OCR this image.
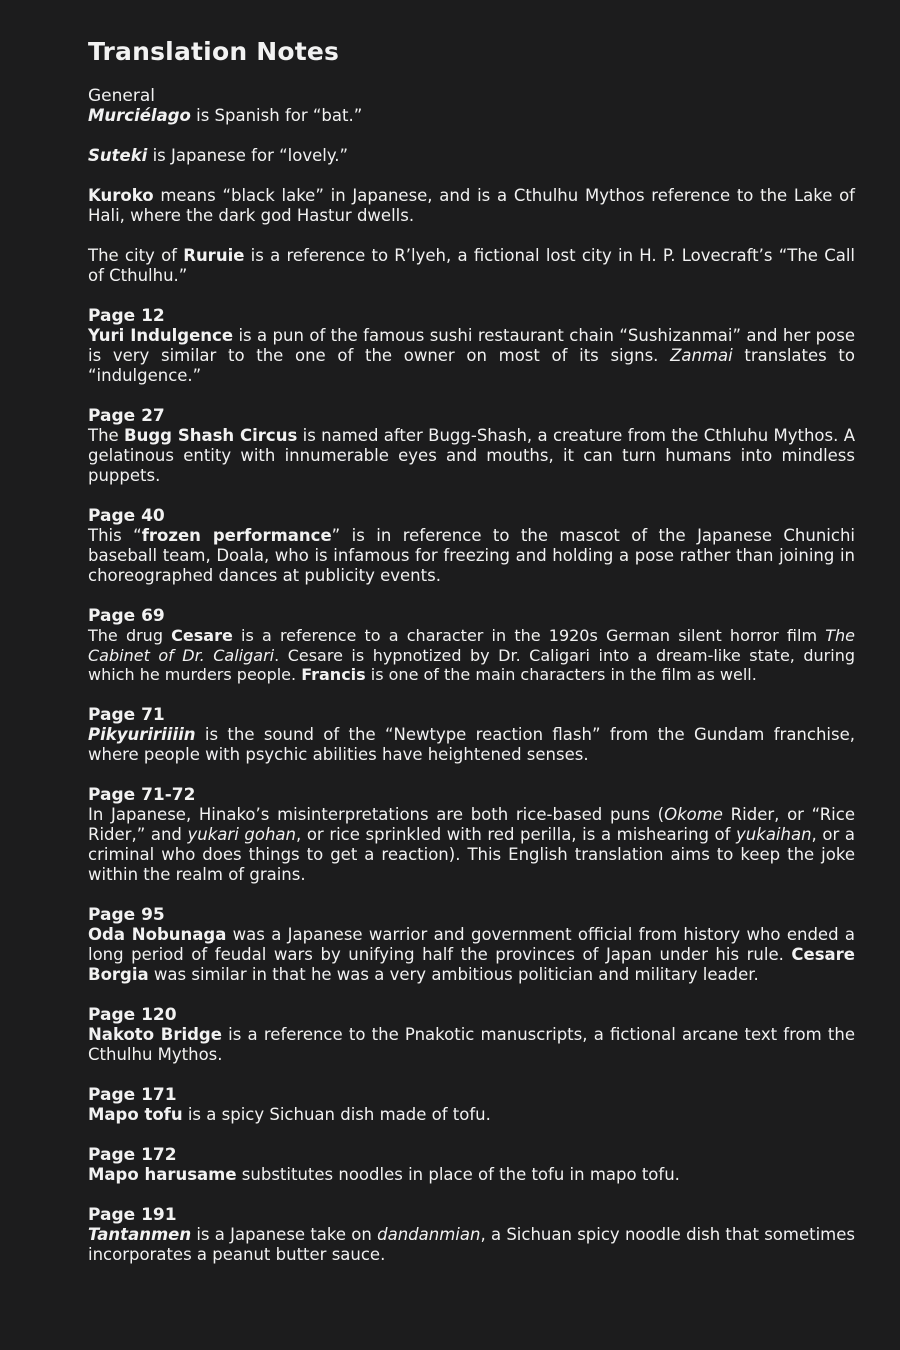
Translation Notes
General

Murciélago is Spanish for “bat.”

Suteki is Japanese for “lovely.”

Kuroko means “black lake” in Japanese, and is a Cthulhu Mythos reference to the Lake of Hali, where the dark god Hastur dwells.

The city of Ruruie is a reference to R’lyeh, a fictional lost city in H. P. Lovecraft’s “The Call of Cthulhu.”

Page 12

Yuri Indulgence is a pun of the famous sushi restaurant chain “Sushizanmai” and her pose is very similar to the one of the owner on most of its signs. Zanmai translates to “indulgence.”

Page 27

The Bugg Shash Circus is named after Bugg-Shash, a creature from the Cthluhu Mythos. A gelatinous entity with innumerable eyes and mouths, it can turn humans into mindless puppets.

Page 40

This “frozen performance” is in reference to the mascot of the Japanese Chunichi baseball team, Doala, who is infamous for freezing and holding a pose rather than joining in choreographed dances at publicity events.

Page 69

The drug Cesare is a reference to a character in the 1920s German silent horror film The Cabinet of Dr. Caligari. Cesare is hypnotized by Dr. Caligari into a dream-like state, during which he murders people. Francis is one of the main characters in the film as well.

Page 71

Pikyuririiiin is the sound of the “Newtype reaction flash” from the Gundam franchise, where people with psychic abilities have heightened senses.

Page 71-72

In Japanese, Hinako’s misinterpretations are both rice-based puns (Okome Rider, or “Rice Rider,” and yukari gohan, or rice sprinkled with red perilla, is a mishearing of yukaihan, or a criminal who does things to get a reaction). This English translation aims to keep the joke within the realm of grains.

Page 95

Oda Nobunaga was a Japanese warrior and government official from history who ended a long period of feudal wars by unifying half the provinces of Japan under his rule. Cesare Borgia was similar in that he was a very ambitious politician and military leader.

Page 120

Nakoto Bridge is a reference to the Pnakotic manuscripts, a fictional arcane text from the Cthulhu Mythos.

Page 171

Mapo tofu is a spicy Sichuan dish made of tofu.

Page 172

Mapo harusame substitutes noodles in place of the tofu in mapo tofu.

Page 191

Tantanmen is a Japanese take on dandanmian, a Sichuan spicy noodle dish that sometimes incorporates a peanut butter sauce.
